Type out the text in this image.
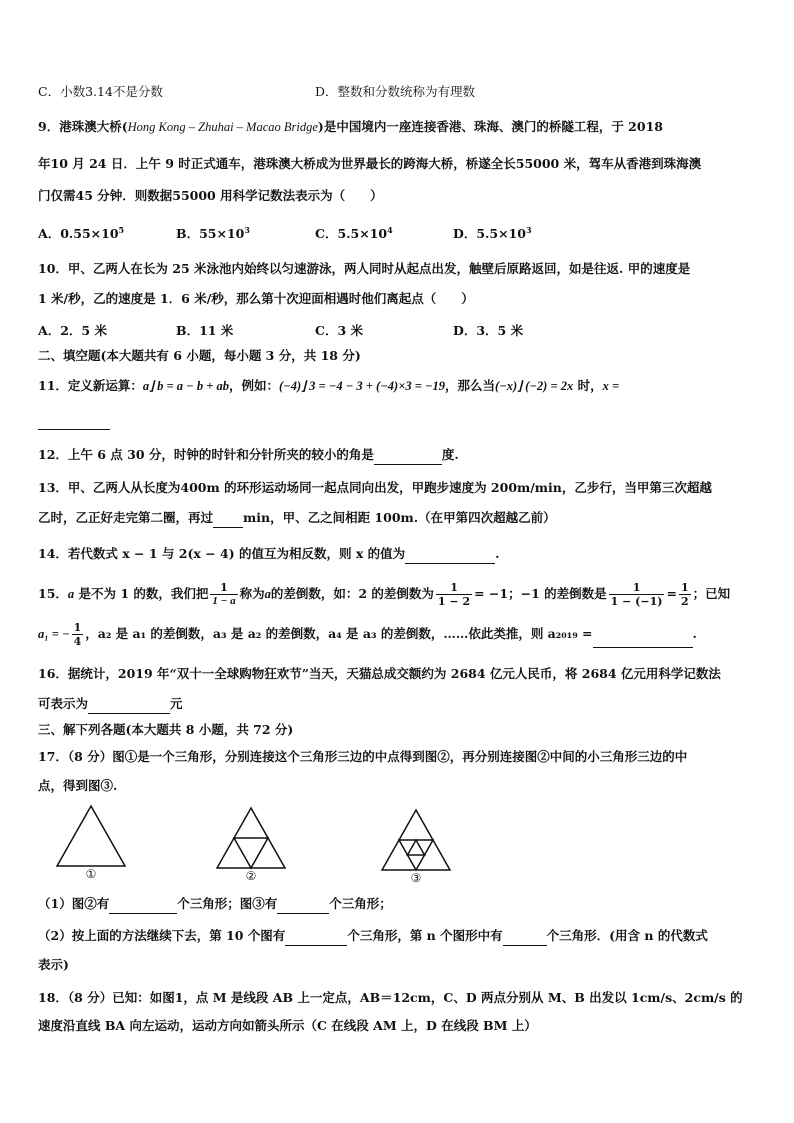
C．小数3.14不是分数	D．整数和分数统称为有理数
9．港珠澳大桥(Hong Kong – Zhuhai – Macao Bridge)是中国境内一座连接香港、珠海、澳门的桥隧工程，于 2018
年10 月 24 日．上午 9 时正式通车，港珠澳大桥成为世界最长的跨海大桥，桥遂全长55000 米，驾车从香港到珠海澳
门仅需45 分钟．则数据55000 用科学记数法表示为（　　）
A．$0.55\times 10^5$	B．$55\times 10^3$	C．$5.5\times 10^4$	D．$5.5\times 10^3$
10．甲、乙两人在长为 25 米泳池内始终以匀速游泳，两人同时从起点出发，触壁后原路返回，如是往返. 甲的速度是
1 米/秒，乙的速度是 1．6 米/秒，那么第十次迎面相遇时他们离起点（　　）
A．2．5 米	B．11 米	C．3 米	D．3．5 米
二、填空题(本大题共有 6 小题，每小题 3 分，共 18 分)
11．定义新运算：a⌋ b = a − b + ab，例如：(−4)⌋ 3 = −4 − 3 + (−4)×3 = −19，那么当(−x)⌋ (−2) = 2x 时，x =
12．上午 6 点 30 分，时钟的时针和分针所夹的较小的角是	度.
13．甲、乙两人从长度为400m 的环形运动场同一起点同向出发，甲跑步速度为 200m/min，乙步行，当甲第三次超越
乙时，乙正好走完第二圈，再过 min，甲、乙之间相距 100m.（在甲第四次超越乙前）
14．若代数式 x − 1 与 2(x − 4) 的值互为相反数，则 x 的值为	.
15．a 是不为 1 的数，我们把 $\frac{1}{1 - a}$ 称为a的差倒数，如：2 的差倒数为 $\frac{1}{1 - 2} = -1$；−1 的差倒数是 $\frac{1}{1 - (-1)} = \frac{1}{2}$ ；已知
a₁ = − $\frac{1}{4}$ ，a₂ 是 a₁ 的差倒数，a₃ 是 a₂ 的差倒数，a₄ 是 a₃ 的差倒数，……依此类推，则 a₂₀₁₉ =	.
16．据统计，2019 年“双十一全球购物狂欢节”当天，天猫总成交额约为 2684 亿元人民币，将 2684 亿元用科学记数法
可表示为	元
三、解下列各题(本大题共 8 小题，共 72 分)
17．（8 分）图①是一个三角形，分别连接这个三角形三边的中点得到图②，再分别连接图②中间的小三角形三边的中
点，得到图③.
①	②	③
（1）图②有	个三角形；图③有	个三角形；
（2）按上面的方法继续下去，第 10 个图有	个三角形，第 n 个图形中有	个三角形．(用含 n 的代数式
表示)
18．（8 分）已知：如图1，点 M 是线段 AB 上一定点，AB＝12cm，C、D 两点分别从 M、B 出发以 1cm/s、2cm/s 的
速度沿直线 BA 向左运动，运动方向如箭头所示（C 在线段 AM 上，D 在线段 BM 上）
